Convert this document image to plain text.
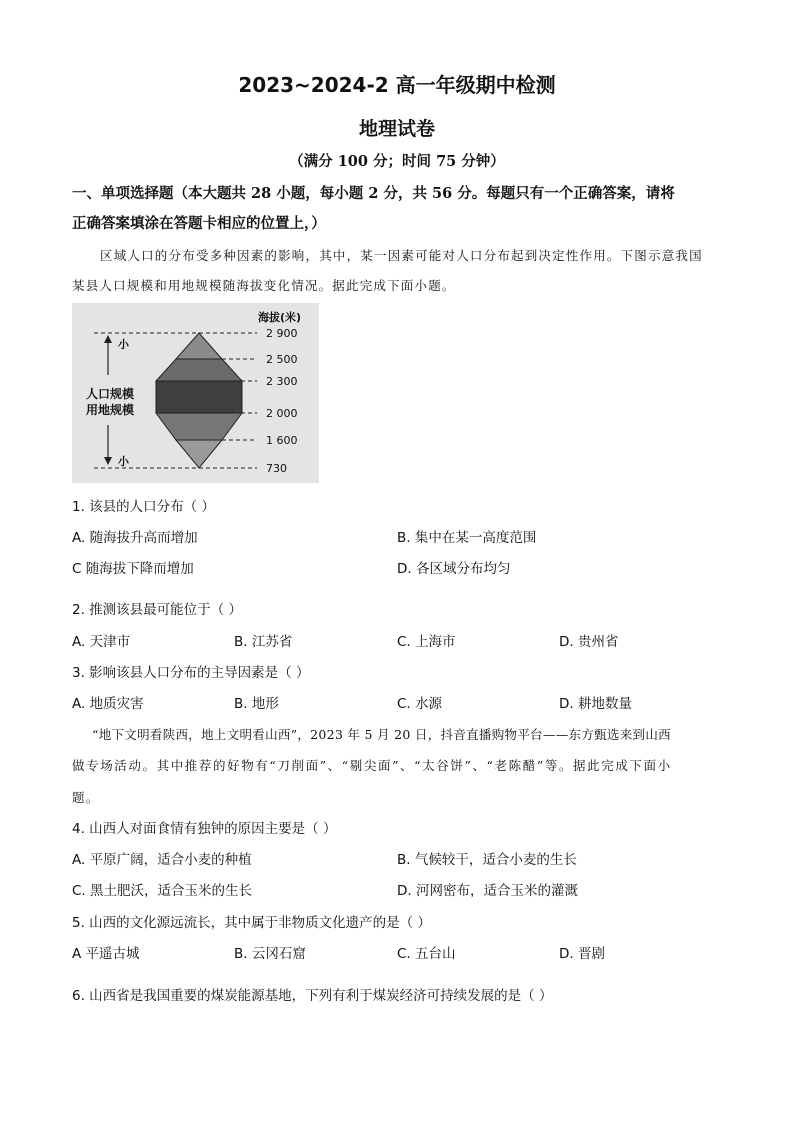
2023~2024-2 高一年级期中检测
地理试卷
（满分 100 分；时间 75 分钟）
一、单项选择题（本大题共 28 小题，每小题 2 分，共 56 分。每题只有一个正确答案，请将
正确答案填涂在答题卡相应的位置上，）
区域人口的分布受多种因素的影响，其中，某一因素可能对人口分布起到决定性作用。下图示意我国
某县人口规模和用地规模随海拔变化情况。据此完成下面小题。
海拔(米)
小
小
人口规模
用地规模
2 900
2 500
2 300
2 000
1 600
730
1. 该县的人口分布（ ）
A. 随海拔升高而增加	B. 集中在某一高度范围
C 随海拔下降而增加	D. 各区域分布均匀
2. 推测该县最可能位于（ ）
A. 天津市	B. 江苏省	C. 上海市	D. 贵州省
3. 影响该县人口分布的主导因素是（ ）
A. 地质灾害	B. 地形	C. 水源	D. 耕地数量
“地下文明看陕西，地上文明看山西”，2023 年 5 月 20 日，抖音直播购物平台——东方甄选来到山西
做专场活动。其中推荐的好物有“刀削面”、“剔尖面”、“太谷饼”、“老陈醋”等。据此完成下面小
题。
4. 山西人对面食情有独钟的原因主要是（ ）
A. 平原广阔，适合小麦的种植	B. 气候较干，适合小麦的生长
C. 黑土肥沃，适合玉米的生长	D. 河网密布，适合玉米的灌溉
5. 山西的文化源远流长，其中属于非物质文化遗产的是（ ）
A 平遥古城	B. 云冈石窟	C. 五台山	D. 晋剧
6. 山西省是我国重要的煤炭能源基地，下列有利于煤炭经济可持续发展的是（ ）
